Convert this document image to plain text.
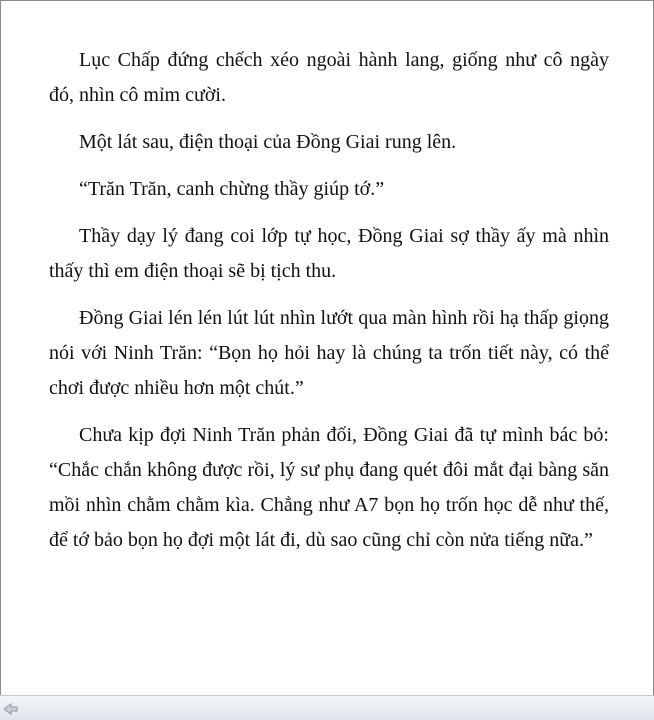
Lục Chấp đứng chếch xéo ngoài hành lang, giống như cô ngày đó, nhìn cô mỉm cười.

Một lát sau, điện thoại của Đồng Giai rung lên.

“Trăn Trăn, canh chừng thầy giúp tớ.”

Thầy dạy lý đang coi lớp tự học, Đồng Giai sợ thầy ấy mà nhìn thấy thì em điện thoại sẽ bị tịch thu.

Đồng Giai lén lén lút lút nhìn lướt qua màn hình rồi hạ thấp giọng nói với Ninh Trăn: “Bọn họ hỏi hay là chúng ta trốn tiết này, có thể chơi được nhiều hơn một chút.”

Chưa kịp đợi Ninh Trăn phản đối, Đồng Giai đã tự mình bác bỏ: “Chắc chắn không được rồi, lý sư phụ đang quét đôi mắt đại bàng săn mồi nhìn chằm chằm kìa. Chẳng như A7 bọn họ trốn học dễ như thế, để tớ bảo bọn họ đợi một lát đi, dù sao cũng chỉ còn nửa tiếng nữa.”
